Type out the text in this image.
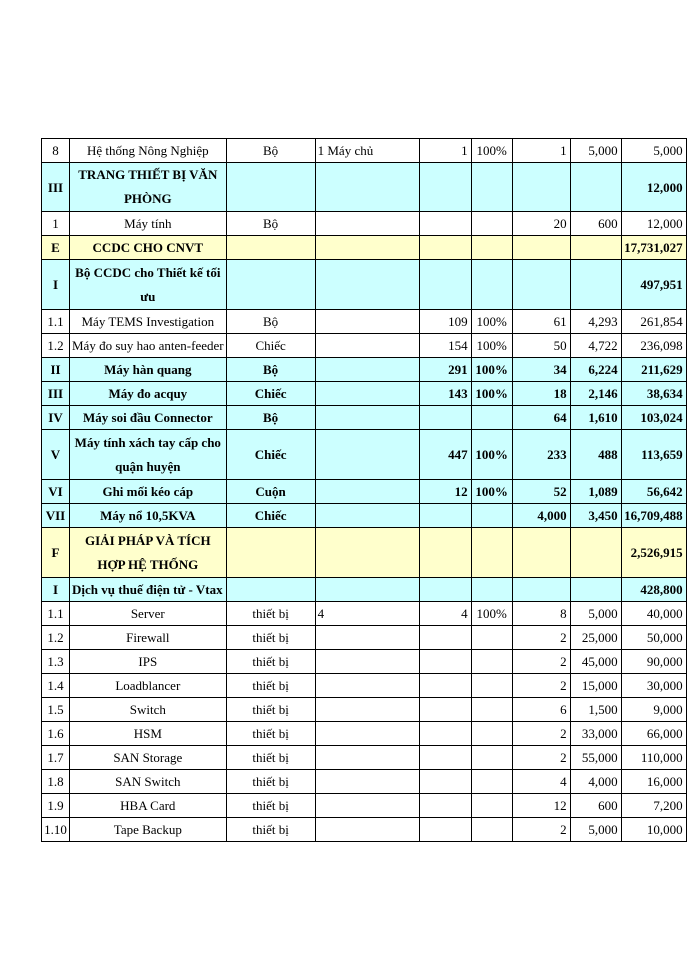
8	Hệ thống Nông Nghiệp	Bộ	1 Máy chủ	1	100%	1	5,000	5,000
III	TRANG THIẾT BỊ VĂN PHÒNG							12,000
1	Máy tính	Bộ				20	600	12,000
E	CCDC CHO CNVT							17,731,027
I	Bộ CCDC cho Thiết kế tối ưu							497,951
1.1	Máy TEMS Investigation	Bộ		109	100%	61	4,293	261,854
1.2	Máy đo suy hao anten-feeder	Chiếc		154	100%	50	4,722	236,098
II	Máy hàn quang	Bộ		291	100%	34	6,224	211,629
III	Máy đo acquy	Chiếc		143	100%	18	2,146	38,634
IV	Máy soi đầu Connector	Bộ				64	1,610	103,024
V	Máy tính xách tay cấp cho quận huyện	Chiếc		447	100%	233	488	113,659
VI	Ghi mối kéo cáp	Cuộn		12	100%	52	1,089	56,642
VII	Máy nổ 10,5KVA	Chiếc				4,000	3,450	16,709,488
F	GIẢI PHÁP VÀ TÍCH HỢP HỆ THỐNG							2,526,915
I	Dịch vụ thuế điện tử - Vtax							428,800
1.1	Server	thiết bị	4	4	100%	8	5,000	40,000
1.2	Firewall	thiết bị				2	25,000	50,000
1.3	IPS	thiết bị				2	45,000	90,000
1.4	Loadblancer	thiết bị				2	15,000	30,000
1.5	Switch	thiết bị				6	1,500	9,000
1.6	HSM	thiết bị				2	33,000	66,000
1.7	SAN Storage	thiết bị				2	55,000	110,000
1.8	SAN Switch	thiết bị				4	4,000	16,000
1.9	HBA Card	thiết bị				12	600	7,200
1.10	Tape Backup	thiết bị				2	5,000	10,000
